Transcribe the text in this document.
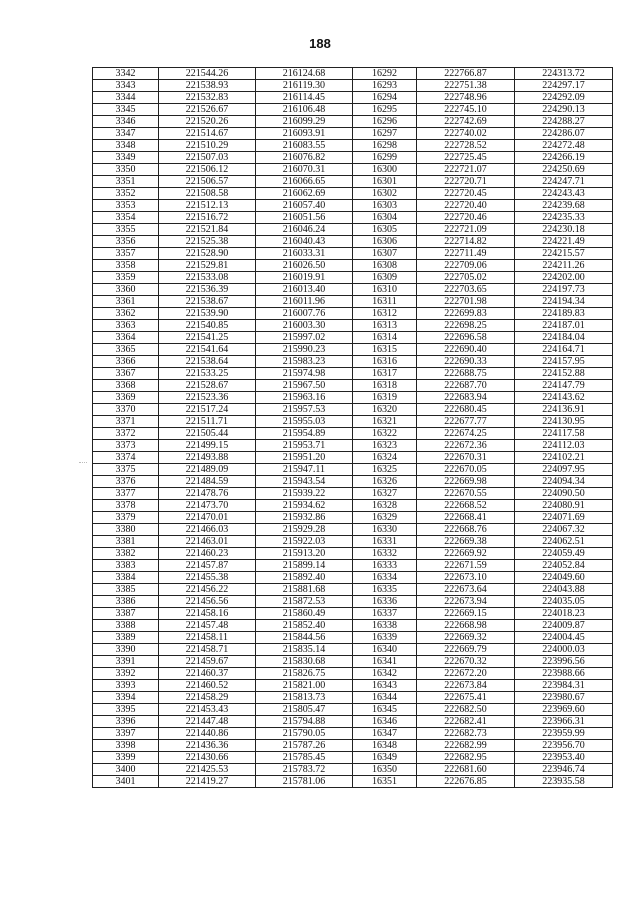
188
3342	221544.26	216124.68	16292	222766.87	224313.72
3343	221538.93	216119.30	16293	222751.38	224297.17
3344	221532.83	216114.45	16294	222748.96	224292.09
3345	221526.67	216106.48	16295	222745.10	224290.13
3346	221520.26	216099.29	16296	222742.69	224288.27
3347	221514.67	216093.91	16297	222740.02	224286.07
3348	221510.29	216083.55	16298	222728.52	224272.48
3349	221507.03	216076.82	16299	222725.45	224266.19
3350	221506.12	216070.31	16300	222721.07	224250.69
3351	221506.57	216066.65	16301	222720.71	224247.71
3352	221508.58	216062.69	16302	222720.45	224243.43
3353	221512.13	216057.40	16303	222720.40	224239.68
3354	221516.72	216051.56	16304	222720.46	224235.33
3355	221521.84	216046.24	16305	222721.09	224230.18
3356	221525.38	216040.43	16306	222714.82	224221.49
3357	221528.90	216033.31	16307	222711.49	224215.57
3358	221529.81	216026.50	16308	222709.06	224211.26
3359	221533.08	216019.91	16309	222705.02	224202.00
3360	221536.39	216013.40	16310	222703.65	224197.73
3361	221538.67	216011.96	16311	222701.98	224194.34
3362	221539.90	216007.76	16312	222699.83	224189.83
3363	221540.85	216003.30	16313	222698.25	224187.01
3364	221541.25	215997.02	16314	222696.58	224184.04
3365	221541.64	215990.23	16315	222690.40	224164.71
3366	221538.64	215983.23	16316	222690.33	224157.95
3367	221533.25	215974.98	16317	222688.75	224152.88
3368	221528.67	215967.50	16318	222687.70	224147.79
3369	221523.36	215963.16	16319	222683.94	224143.62
3370	221517.24	215957.53	16320	222680.45	224136.91
3371	221511.71	215955.03	16321	222677.77	224130.95
3372	221505.44	215954.89	16322	222674.25	224117.58
3373	221499.15	215953.71	16323	222672.36	224112.03
3374	221493.88	215951.20	16324	222670.31	224102.21
3375	221489.09	215947.11	16325	222670.05	224097.95
3376	221484.59	215943.54	16326	222669.98	224094.34
3377	221478.76	215939.22	16327	222670.55	224090.50
3378	221473.70	215934.62	16328	222668.52	224080.91
3379	221470.01	215932.86	16329	222668.41	224071.69
3380	221466.03	215929.28	16330	222668.76	224067.32
3381	221463.01	215922.03	16331	222669.38	224062.51
3382	221460.23	215913.20	16332	222669.92	224059.49
3383	221457.87	215899.14	16333	222671.59	224052.84
3384	221455.38	215892.40	16334	222673.10	224049.60
3385	221456.22	215881.68	16335	222673.64	224043.88
3386	221456.56	215872.53	16336	222673.94	224035.05
3387	221458.16	215860.49	16337	222669.15	224018.23
3388	221457.48	215852.40	16338	222668.98	224009.87
3389	221458.11	215844.56	16339	222669.32	224004.45
3390	221458.71	215835.14	16340	222669.79	224000.03
3391	221459.67	215830.68	16341	222670.32	223996.56
3392	221460.37	215826.75	16342	222672.20	223988.66
3393	221460.52	215821.00	16343	222673.84	223984.31
3394	221458.29	215813.73	16344	222675.41	223980.67
3395	221453.43	215805.47	16345	222682.50	223969.60
3396	221447.48	215794.88	16346	222682.41	223966.31
3397	221440.86	215790.05	16347	222682.73	223959.99
3398	221436.36	215787.26	16348	222682.99	223956.70
3399	221430.66	215785.45	16349	222682.95	223953.40
3400	221425.53	215783.72	16350	222681.60	223946.74
3401	221419.27	215781.06	16351	222676.85	223935.58
